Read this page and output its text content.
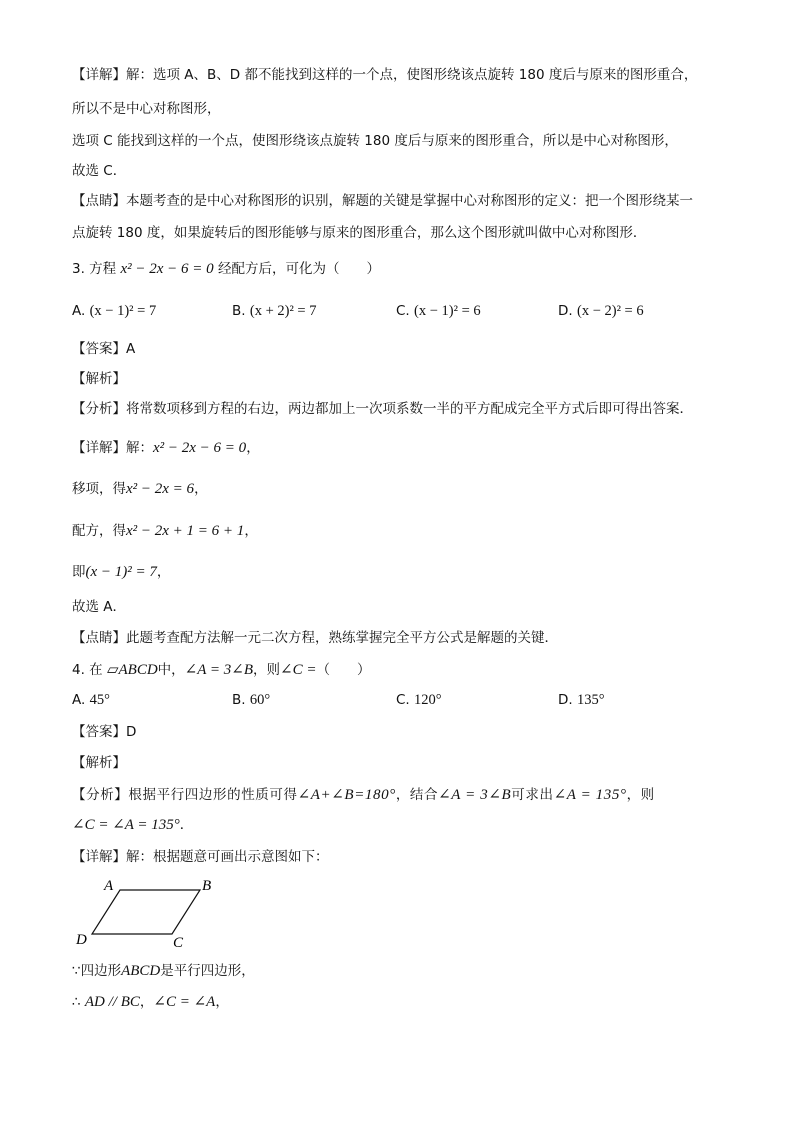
【详解】解：选项 A、B、D 都不能找到这样的一个点，使图形绕该点旋转 180 度后与原来的图形重合，
所以不是中心对称图形，
选项 C 能找到这样的一个点，使图形绕该点旋转 180 度后与原来的图形重合，所以是中心对称图形，
故选 C．
【点睛】本题考查的是中心对称图形的识别，解题的关键是掌握中心对称图形的定义：把一个图形绕某一
点旋转 180 度，如果旋转后的图形能够与原来的图形重合，那么这个图形就叫做中心对称图形．
3. 方程 x² − 2x − 6 = 0 经配方后，可化为（　　）
A. (x − 1)² = 7	B. (x + 2)² = 7	C. (x − 1)² = 6	D. (x − 2)² = 6
【答案】A
【解析】
【分析】将常数项移到方程的右边，两边都加上一次项系数一半的平方配成完全平方式后即可得出答案．
【详解】解：x² − 2x − 6 = 0，
移项，得x² − 2x = 6，
配方，得x² − 2x + 1 = 6 + 1，
即(x − 1)² = 7，
故选 A．
【点睛】此题考查配方法解一元二次方程，熟练掌握完全平方公式是解题的关键．
4. 在 ▱ABCD中，∠A = 3∠B，则∠C =（　　）
A. 45°	B. 60°	C. 120°	D. 135°
【答案】D
【解析】
【分析】根据平行四边形的性质可得∠A+∠B=180°，结合∠A = 3∠B可求出∠A = 135°，则
∠C = ∠A = 135°．
【详解】解：根据题意可画出示意图如下：
A	B
C
D
∵四边形ABCD是平行四边形，
∴ AD // BC，∠C = ∠A，
